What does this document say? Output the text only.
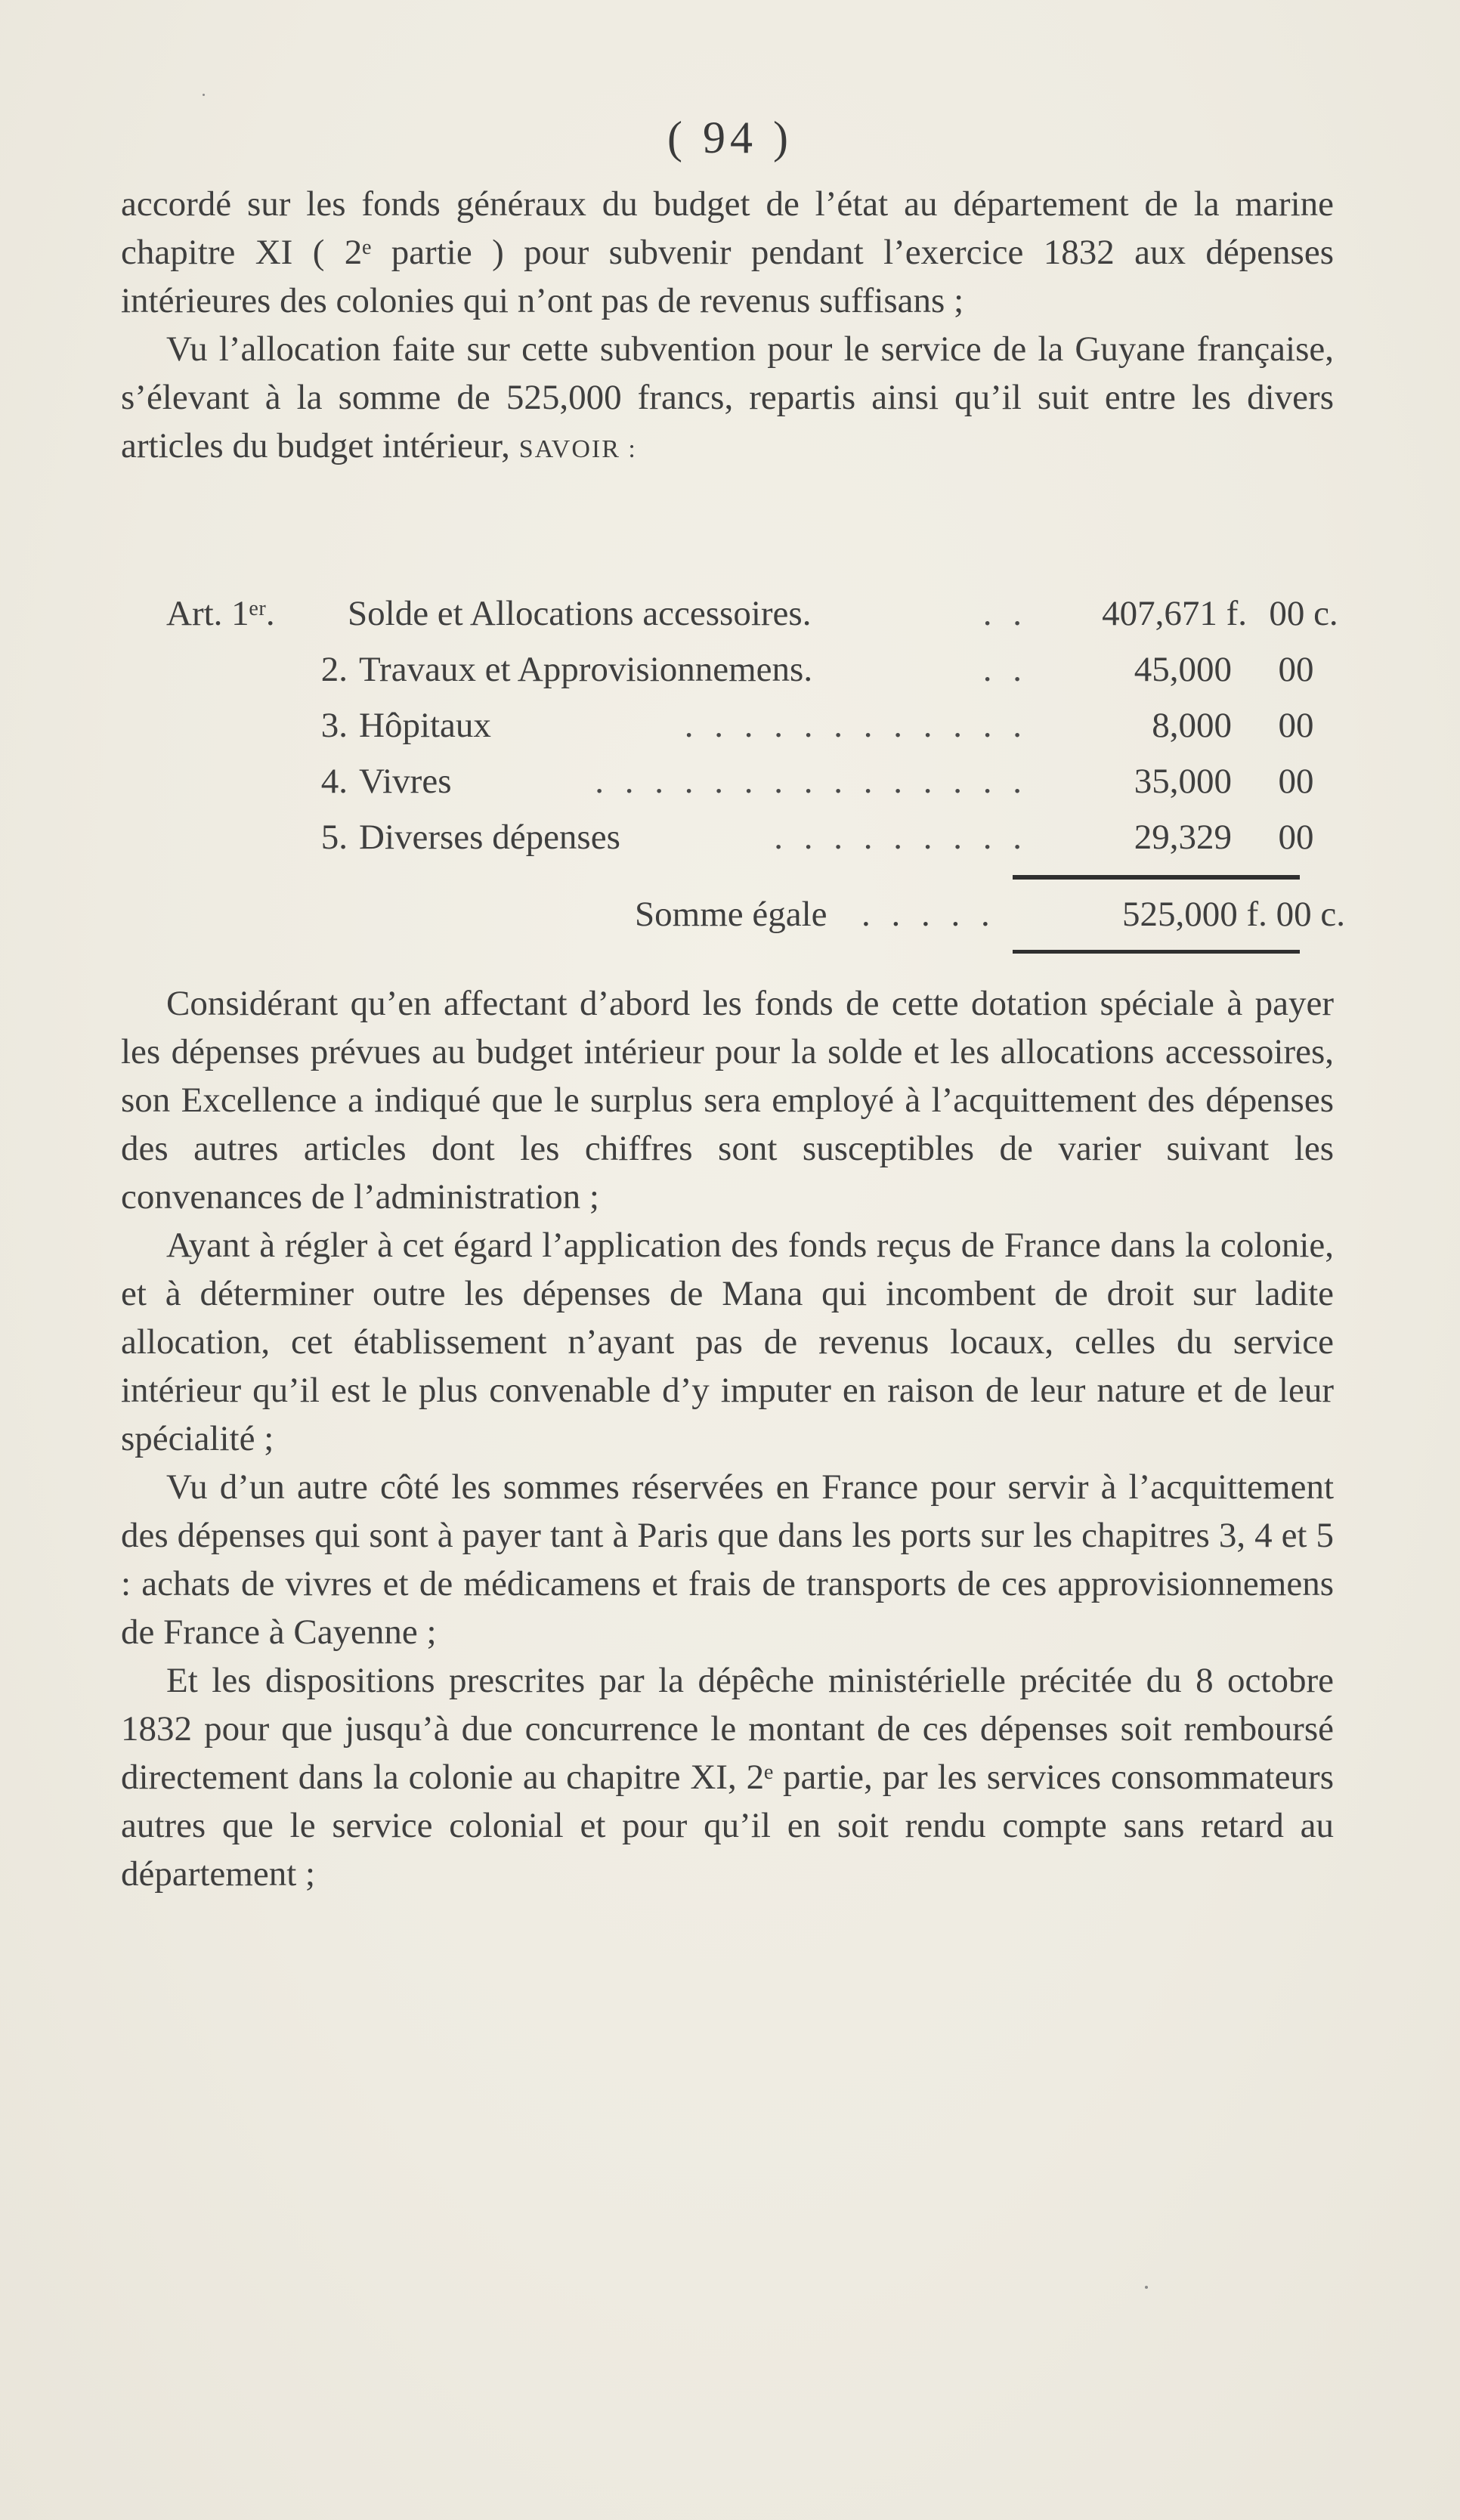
( 94 )

accordé sur les fonds généraux du budget de l’état au département de la marine chapitre XI ( 2ᵉ partie ) pour subvenir pendant l’exercice 1832 aux dépenses intérieures des colonies qui n’ont pas de revenus suffisans ;

Vu l’allocation faite sur cette subvention pour le service de la Guyane française, s’élevant à la somme de 525,000 francs, repartis ainsi qu’il suit entre les divers articles du budget intérieur, SAVOIR :

Art. 1ᵉʳ.	Solde et Allocations accessoires.	. .	407,671 f. 00 c.
2. Travaux et Approvisionnemens.	. .	45,000	00
3. Hôpitaux	. . . . . . . . . . . .	8,000	00
4. Vivres	. . . . . . . . . . . . . . .	35,000	00
5. Diverses dépenses	. . . . . . . . .	29,329	00
Somme égale . . . . .	525,000 f. 00 c.

Considérant qu’en affectant d’abord les fonds de cette dotation spéciale à payer les dépenses prévues au budget intérieur pour la solde et les allocations accessoires, son Excellence a indiqué que le surplus sera employé à l’acquittement des dépenses des autres articles dont les chiffres sont susceptibles de varier suivant les convenances de l’administration ;

Ayant à régler à cet égard l’application des fonds reçus de France dans la colonie, et à déterminer outre les dépenses de Mana qui incombent de droit sur ladite allocation, cet établissement n’ayant pas de revenus locaux, celles du service intérieur qu’il est le plus convenable d’y imputer en raison de leur nature et de leur spécialité ;

Vu d’un autre côté les sommes réservées en France pour servir à l’acquittement des dépenses qui sont à payer tant à Paris que dans les ports sur les chapitres 3, 4 et 5 : achats de vivres et de médicamens et frais de transports de ces approvisionnemens de France à Cayenne ;

Et les dispositions prescrites par la dépêche ministérielle précitée du 8 octobre 1832 pour que jusqu’à due concurrence le montant de ces dépenses soit remboursé directement dans la colonie au chapitre XI, 2ᵉ partie, par les services consommateurs autres que le service colonial et pour qu’il en soit rendu compte sans retard au département ;
